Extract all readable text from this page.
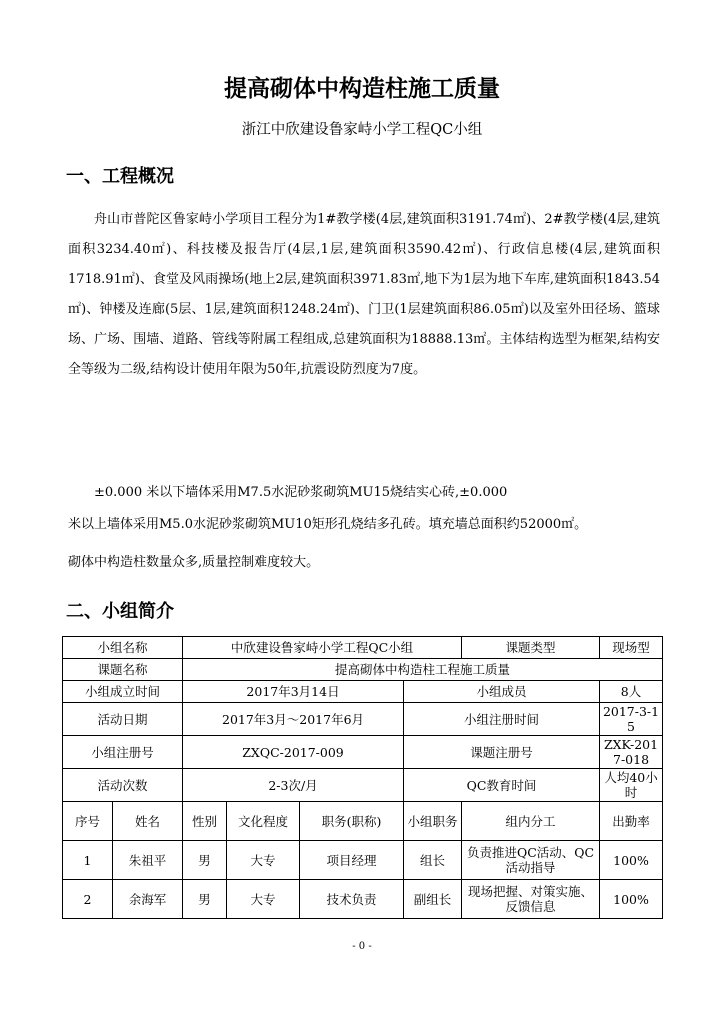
提高砌体中构造柱施工质量
浙江中欣建设鲁家峙小学工程QC小组
一、工程概况
舟山市普陀区鲁家峙小学项目工程分为1#教学楼(4层,建筑面积3191.74㎡)、2#教学楼(4层,建筑面积3234.40㎡)、科技楼及报告厅(4层,1层,建筑面积3590.42㎡)、行政信息楼(4层,建筑面积1718.91㎡)、食堂及风雨操场(地上2层,建筑面积3971.83㎡,地下为1层为地下车库,建筑面积1843.54㎡)、钟楼及连廊(5层、1层,建筑面积1248.24㎡)、门卫(1层建筑面积86.05㎡)以及室外田径场、篮球场、广场、围墙、道路、管线等附属工程组成,总建筑面积为18888.13㎡。主体结构选型为框架,结构安全等级为二级,结构设计使用年限为50年,抗震设防烈度为7度。
±0.000 米以下墙体采用M7.5水泥砂浆砌筑MU15烧结实心砖,±0.000
米以上墙体采用M5.0水泥砂浆砌筑MU10矩形孔烧结多孔砖。填充墙总面积约52000㎡。
砌体中构造柱数量众多,质量控制难度较大。
二、小组简介
小组名称		中欣建设鲁家峙小学工程QC小组				课题类型	现场型
课题名称		提高砌体中构造柱工程施工质量					
小组成立时间		2017年3月14日			小组成员		8人
活动日期		2017年3月～2017年6月			小组注册时间		2017-3-15
小组注册号		ZXQC-2017-009			课题注册号		ZXK-2017-018
活动次数		2-3次/月			QC教育时间		人均40小时
序号	姓名	性别	文化程度	职务(职称)	小组职务	组内分工	出勤率
1	朱祖平	男	大专	项目经理	组长	负责推进QC活动、QC活动指导	100%
2	余海军	男	大专	技术负责	副组长	现场把握、对策实施、反馈信息	100%
- 0 -
